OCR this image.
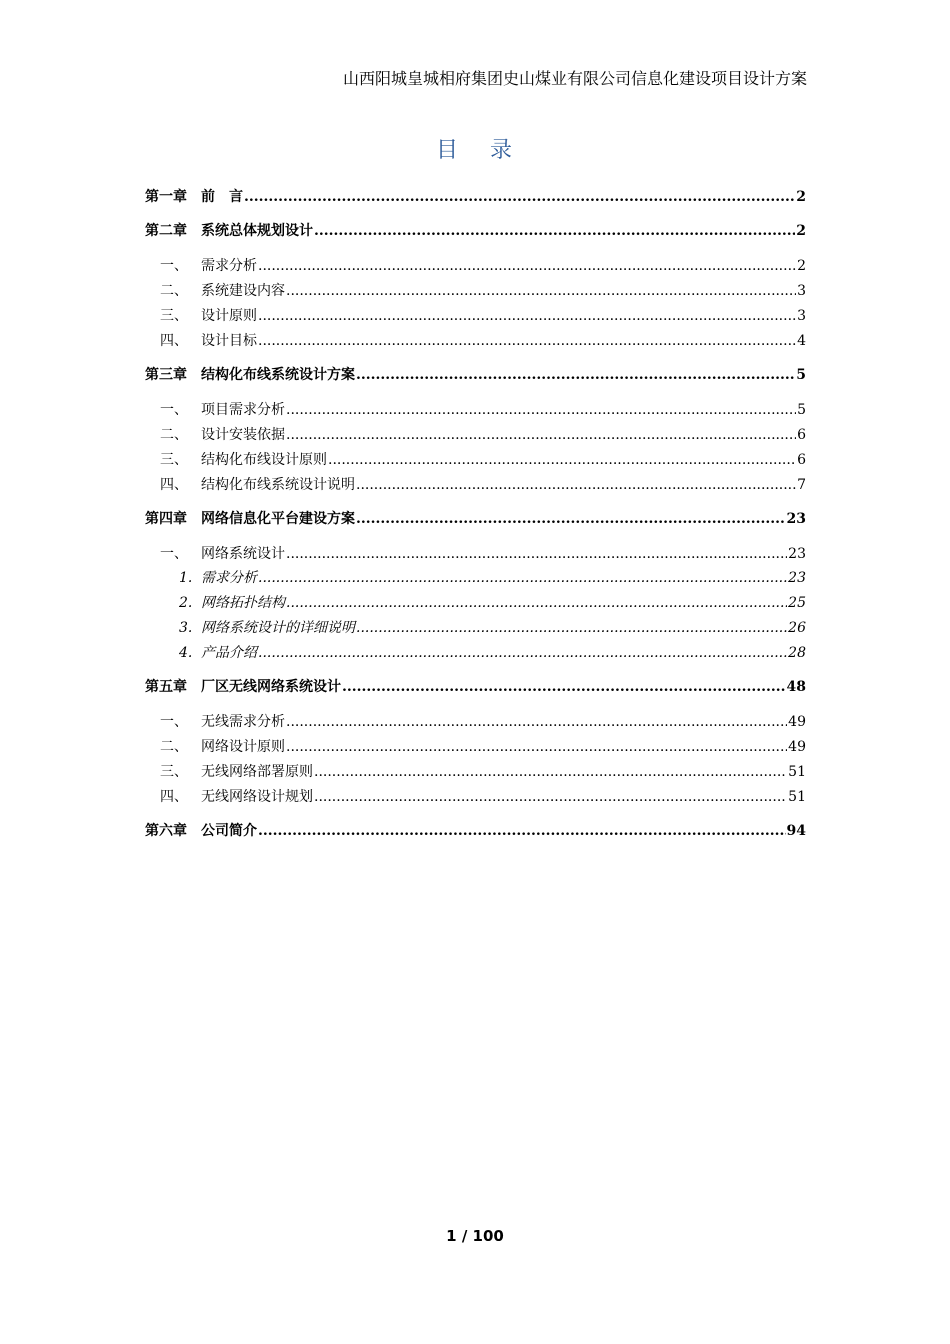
山西阳城皇城相府集团史山煤业有限公司信息化建设项目设计方案
目 录
第一章 前　言 .....	2
第二章 系统总体规划设计 .....	2
一、 需求分析 .....	2
二、 系统建设内容 .....	3
三、 设计原则 .....	3
四、 设计目标 .....	4
第三章 结构化布线系统设计方案 .....	5
一、 项目需求分析 .....	5
二、 设计安装依据 .....	6
三、 结构化布线设计原则 .....	6
四、 结构化布线系统设计说明 .....	7
第四章 网络信息化平台建设方案 .....	23
一、 网络系统设计 .....	23
1. 需求分析 .....	23
2. 网络拓扑结构 .....	25
3. 网络系统设计的详细说明 .....	26
4. 产品介绍 .....	28
第五章 厂区无线网络系统设计 .....	48
一、 无线需求分析 .....	49
二、 网络设计原则 .....	49
三、 无线网络部署原则 .....	51
四、 无线网络设计规划 .....	51
第六章 公司简介 .....	94
1 / 100
